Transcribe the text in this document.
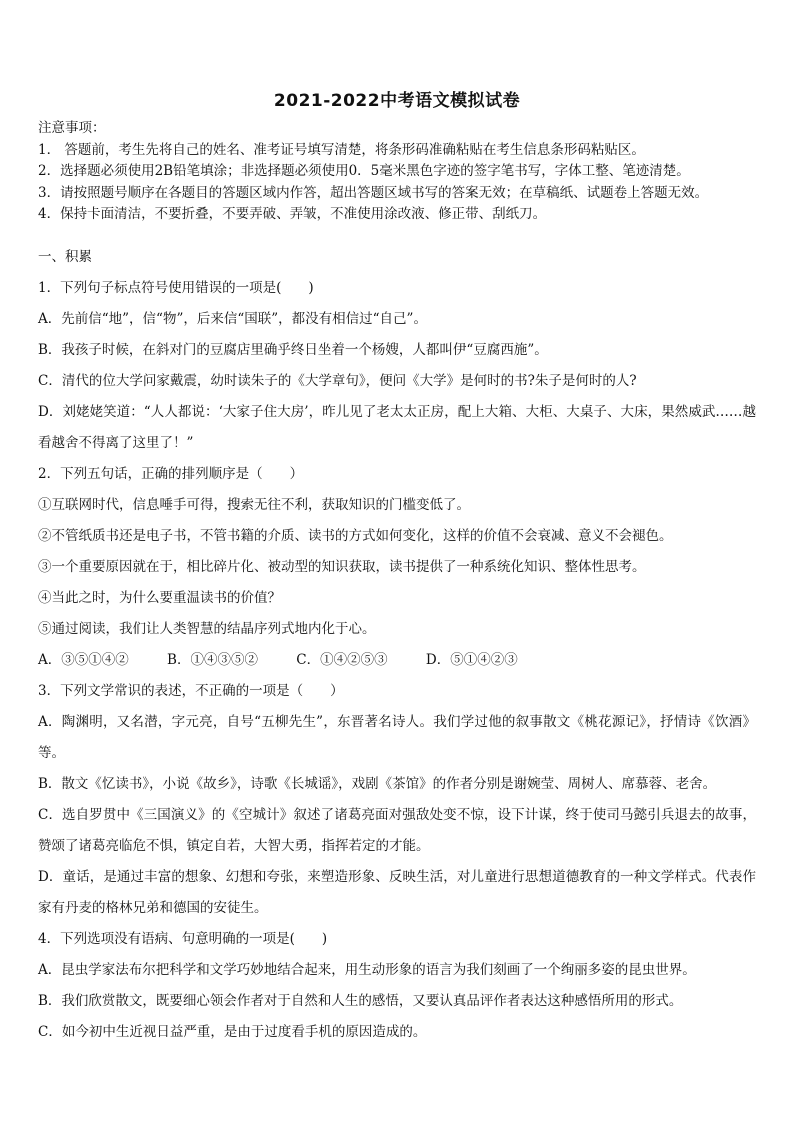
2021-2022中考语文模拟试卷
注意事项：
1． 答题前，考生先将自己的姓名、准考证号填写清楚，将条形码准确粘贴在考生信息条形码粘贴区。
2．选择题必须使用2B铅笔填涂；非选择题必须使用0．5毫米黑色字迹的签字笔书写，字体工整、笔迹清楚。
3．请按照题号顺序在各题目的答题区域内作答，超出答题区域书写的答案无效；在草稿纸、试题卷上答题无效。
4．保持卡面清洁，不要折叠，不要弄破、弄皱，不准使用涂改液、修正带、刮纸刀。
一、积累
1．下列句子标点符号使用错误的一项是(　　)
A．先前信“地”，信“物”，后来信“国联”，都没有相信过“自己”。
B．我孩子时候，在斜对门的豆腐店里确乎终日坐着一个杨嫂，人都叫伊“豆腐西施”。
C．清代的位大学问家戴震，幼时读朱子的《大学章句》，便问《大学》是何时的书?朱子是何时的人?
D．刘姥姥笑道：“人人都说：‘大家子住大房’，昨儿见了老太太正房，配上大箱、大柜、大桌子、大床，果然威武……越看越舍不得离了这里了！”
2．下列五句话，正确的排列顺序是（　　）
①互联网时代，信息唾手可得，搜索无往不利，获取知识的门槛变低了。
②不管纸质书还是电子书，不管书籍的介质、读书的方式如何变化，这样的价值不会衰减、意义不会褪色。
③一个重要原因就在于，相比碎片化、被动型的知识获取，读书提供了一种系统化知识、整体性思考。
④当此之时，为什么要重温读书的价值？
⑤通过阅读，我们让人类智慧的结晶序列式地内化于心。
A．③⑤①④②	B．①④③⑤②	C．①④②⑤③	D．⑤①④②③
3．下列文学常识的表述，不正确的一项是（　　）
A．陶渊明，又名潜，字元亮，自号“五柳先生”，东晋著名诗人。我们学过他的叙事散文《桃花源记》，抒情诗《饮酒》等。
B．散文《忆读书》，小说《故乡》，诗歌《长城谣》，戏剧《茶馆》的作者分别是谢婉莹、周树人、席慕蓉、老舍。
C．选自罗贯中《三国演义》的《空城计》叙述了诸葛亮面对强敌处变不惊，设下计谋，终于使司马懿引兵退去的故事，赞颂了诸葛亮临危不惧，镇定自若，大智大勇，指挥若定的才能。
D．童话，是通过丰富的想象、幻想和夸张，来塑造形象、反映生活，对儿童进行思想道德教育的一种文学样式。代表作家有丹麦的格林兄弟和德国的安徒生。
4．下列选项没有语病、句意明确的一项是(　　)
A．昆虫学家法布尔把科学和文学巧妙地结合起来，用生动形象的语言为我们刻画了一个绚丽多姿的昆虫世界。
B．我们欣赏散文，既要细心领会作者对于自然和人生的感悟，又要认真品评作者表达这种感悟所用的形式。
C．如今初中生近视日益严重，是由于过度看手机的原因造成的。
